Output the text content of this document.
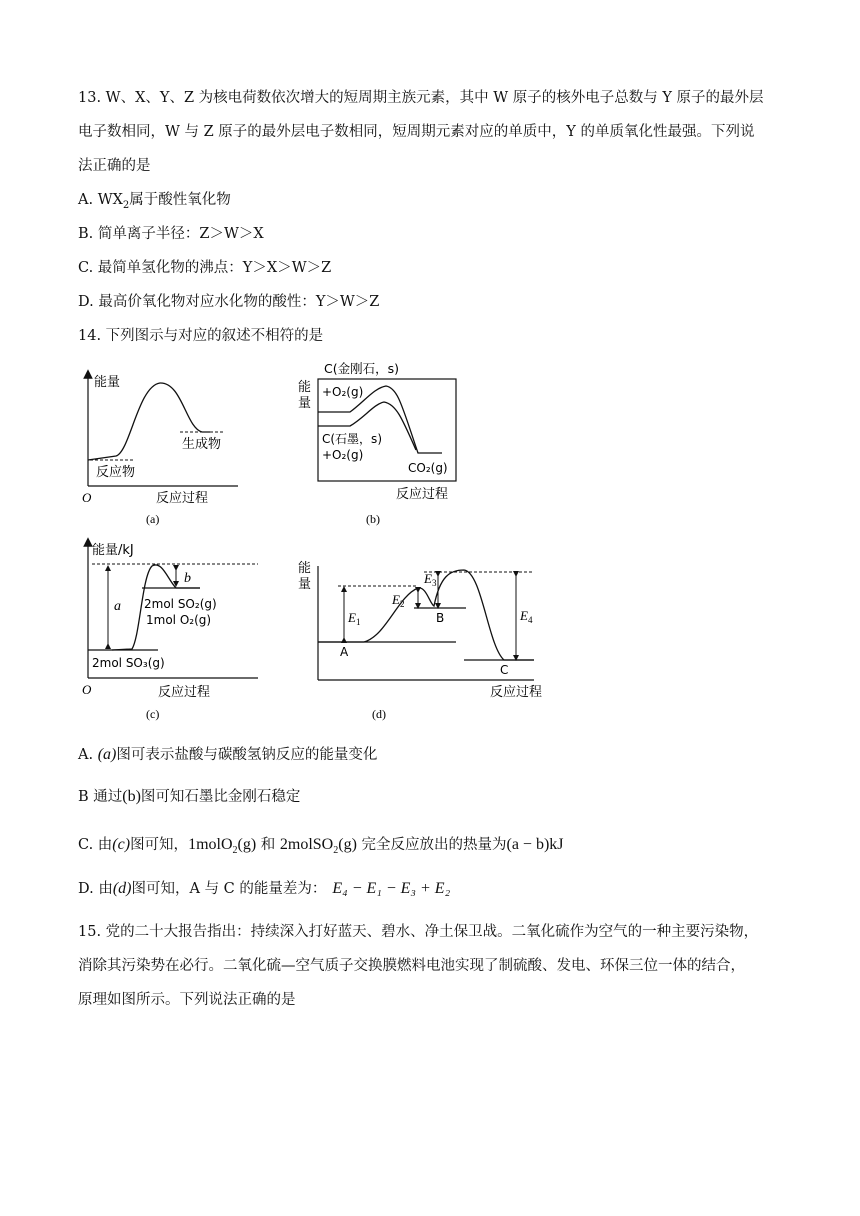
13. W、X、Y、Z 为核电荷数依次增大的短周期主族元素，其中 W 原子的核外电子总数与 Y 原子的最外层
电子数相同，W 与 Z 原子的最外层电子数相同，短周期元素对应的单质中，Y 的单质氧化性最强。下列说
法正确的是
A. $WX_2$属于酸性氧化物
B. 简单离子半径：Z＞W＞X
C. 最简单氢化物的沸点：Y＞X＞W＞Z
D. 最高价氧化物对应水化物的酸性：Y＞W＞Z
14. 下列图示与对应的叙述不相符的是
能量
反应物
生成物
O	反应过程
(a)
C(金刚石，s)
能
量
+O₂(g)
C(石墨，s)
+O₂(g)
CO₂(g)
反应过程
(b)
能量/kJ
a
b
2mol SO₂(g)
1mol O₂(g)
2mol SO₃(g)
O	反应过程
(c)
能
量
$E_1$
$E_2$
$E_3$
$E_4$
A
B
C
反应过程
(d)
A. (a)图可表示盐酸与碳酸氢钠反应的能量变化
B 通过(b)图可知石墨比金刚石稳定
C. 由(c)图可知，1molO$_2$(g) 和 2molSO$_2$(g) 完全反应放出的热量为(a − b)kJ
D. 由(d)图可知，A 与 C 的能量差为： E₄ − E₁ − E₃ + E₂
15. 党的二十大报告指出：持续深入打好蓝天、碧水、净土保卫战。二氧化硫作为空气的一种主要污染物，
消除其污染势在必行。二氧化硫—空气质子交换膜燃料电池实现了制硫酸、发电、环保三位一体的结合，
原理如图所示。下列说法正确的是
